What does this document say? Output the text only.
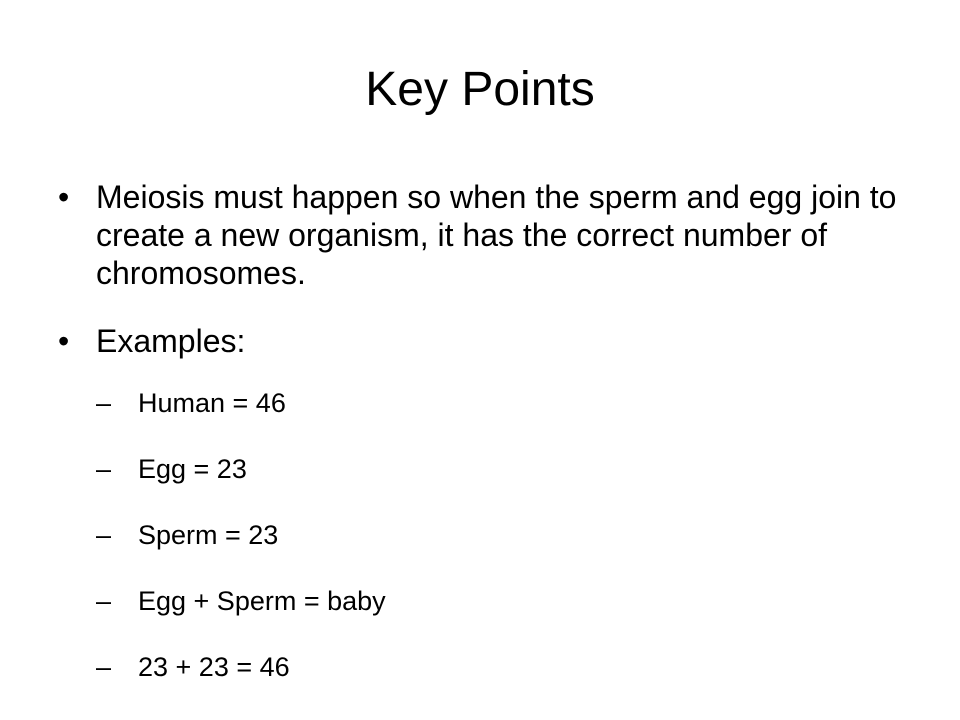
Key Points
• Meiosis must happen so when the sperm and egg join to create a new organism, it has the correct number of chromosomes.
• Examples:
– Human = 46
– Egg = 23
– Sperm = 23
– Egg + Sperm = baby
– 23 + 23 = 46
